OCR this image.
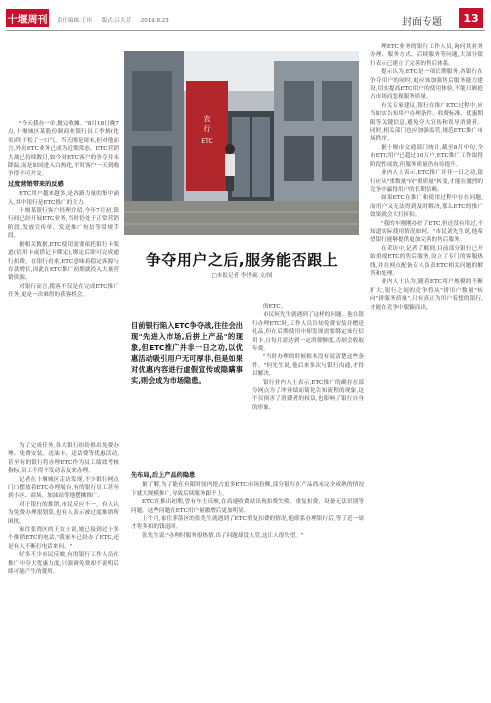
十堰周刊 责任编辑:王玮 版式:吕大芳 2019.8.23	封面专题	13
农
行
ETC
争夺用户之后,服务能否跟上
□本报记者 李世硕 文/图

"今天我办一单,做完收摊。"8月18日晚7点,十堰城区某股份制商业银行员工李炳(化名)终于松了一口气。当天刚是周末,但对他而言,外出ETC业务已成为近期常态。ETC营销大战已持续数月,如今对ETC客户的争夺并未降温,而是如同进入白热化,平时客户一天到晚争得不可开交。

过度营销带来的反感

ETC用户越来越多,是各路力量的集中涌入,其中银行是ETC推广的主力。

十堰某银行客户经理介绍,今年7月初,银行间已经开展ETC业务,当时仍处于正常营销阶段,发放宣传单、发送推广短信等常规手段。

据相关数据,ETC使用需要依托银行卡渠道(信用卡或借记卡绑定),绑定后即可完成通行扣费。在银行看来,ETC意味着稳定客源与存款增长,因此在ETC推广初期就投入大量营销资源。

对银行而言,揽客不仅是在完成ETC推广任务,更是一次难得的获客机会。

为了完成任务,各大银行纷纷推出免费办理、免费安装、送油卡、送话费等优惠活动,甚至有的银行将办理ETC作为员工绩效考核指标,员工不得不发动亲友来办理。

记者在十堰城区走访发现,不少银行网点门口摆放着ETC办理展台,有的银行员工甚至到小区、商场、加油站等地摆摊推广。

对于银行的推销,市民反应不一。有人认为免费办理很划算,也有人表示被过度推销所困扰。

家住张湾区的王女士说,她已接到过十多个推销ETC的电话,"我家车已经办了ETC,还是有人不断打电话来问。"

好多不少市民反映,有的银行工作人员在推广中夸大优惠力度,只强调免费却不说明后续可能产生的费用。

目前银行陷入ETC争夺战,往往会出现"先进入市场,后拼上产品"的现象,但ETC推广并非一日之功,以优惠活动吸引用户无可厚非,但是如果对优惠内容进行虚假宣传或隐瞒事实,则会成为市场隐患。

的ETC。

市民何先生就遇到了这样的问题。他在银行办理ETC时,工作人员告知免费安装并赠送礼品,但在后期使用中却发现需要绑定该行信用卡,且每月需达到一定消费额度,否则会收取年费。

"当时办理的时候根本没有说清楚这些条件。"何先生说,他后来多次与银行沟通,才得以解决。

银行业内人士表示,ETC推广的确存在部分网点为了冲业绩而简化告知流程的现象,这不仅损害了消费者的权益,也影响了银行自身的形象。

先布局,后上产品的隐患

据了解,为了能在有限时间内抢占更多ETC市场份额,部分银行在产品尚未完全成熟的情况下就大规模推广,导致后续服务跟不上。

ETC在推出初期,曾有车主反映,在高速收费站出现扣费失败、重复扣费、设备无法识别等问题。这些问题在ETC用户量激增后更加明显。

上个月,家住茅箭区的张先生就遇到了ETC重复扣费的情况,他联系办理银行后,等了近一周才将多扣的钱退回。

张先生说:"办理时服务很热情,出了问题却没人管,这让人很失望。"

理ETC业务的银行工作人员,询问其业务办理、服务方式、后续服务等问题,大部分银行表示已建立了完善的售后体系。

提示认为,ETC是一项长期服务,各银行在争夺用户的同时,更应该加强售后服务能力建设,切实提高ETC用户的使用体验,不能只顾抢占市场而忽视服务质量。

有关专家建议,银行在推广ETC过程中,应当如实告知用户办理条件、收费标准、优惠期限等关键信息,避免夸大宣传和误导消费者。同时,相关部门也应加强监管,规范ETC推广市场秩序。

据十堰市交通部门统计,截至8月中旬,全市ETC用户已超过10万户,ETC推广工作取得阶段性成效,但服务质量仍有待提升。

业内人士表示,ETC推广并非一日之功,银行应从"重数量"向"重质量"转变,才能在激烈的竞争中赢得用户的长期信赖。

如果ETC在推广和使用过程中存在问题,而用户又无法得到及时解决,那么ETC的推广效果就会大打折扣。

"我的车刚刚办好了ETC,但还没有用过,不知道实际使用情况如何。"市民刘先生说,他希望银行能够提供更加完善的售后服务。

在采访中,记者了解到,目前部分银行已开始重视ETC的售后服务,设立了专门的客服热线,并在网点配备专人负责ETC相关问题的解答和处理。

业内人士认为,随着ETC用户规模的不断扩大,银行之间的竞争将从"拼用户数量"转向"拼服务质量",只有真正为用户着想的银行,才能在竞争中脱颖而出。
